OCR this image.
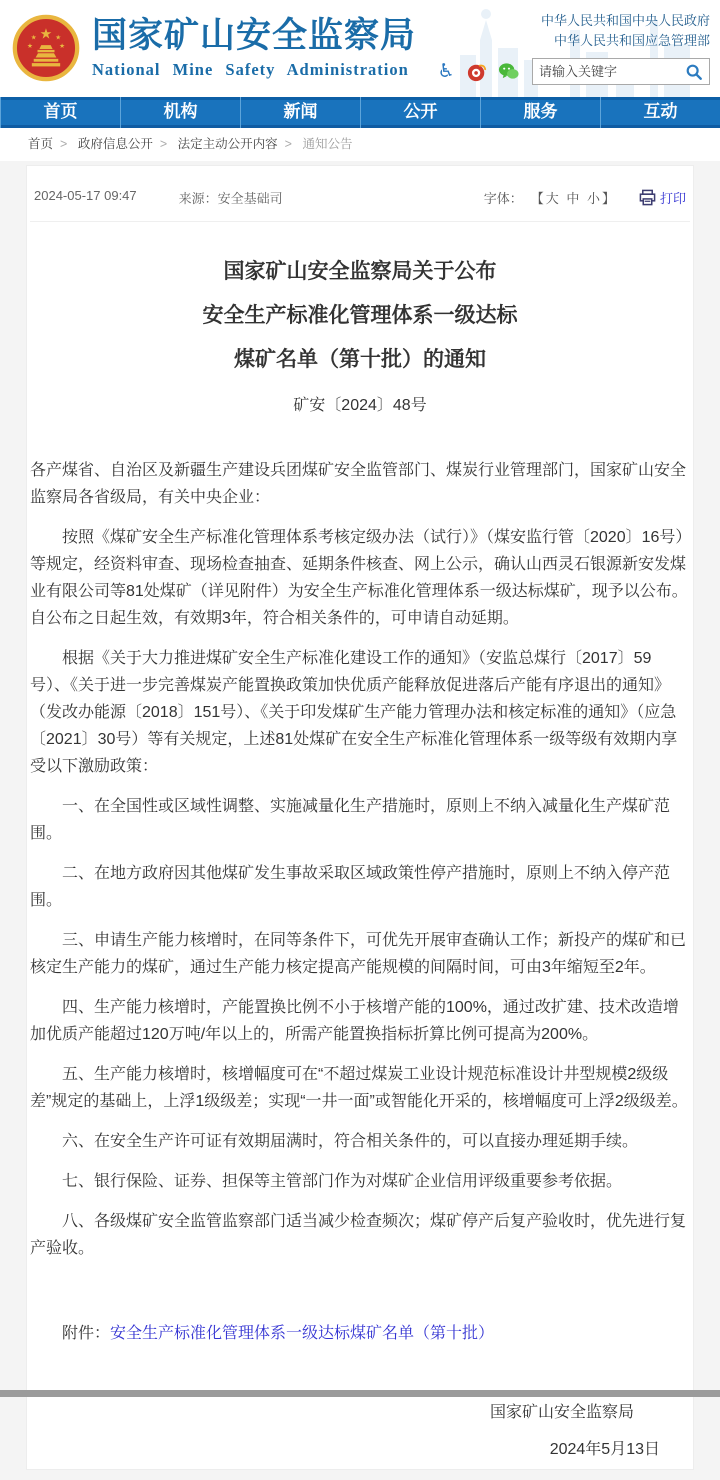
★
★	★
★	★ 国家矿山安全监察局
National Mine Safety Administration
中华人民共和国中央人民政府
中华人民共和国应急管理部
♿
请输入关键字
首页	机构	新闻	公开	服务	互动
首页 > 政府信息公开 > 法定主动公开内容 > 通知公告
2024-05-17 09:47	来源：安全基础司	字体： 【大 中 小】	打印
国家矿山安全监察局关于公布
安全生产标准化管理体系一级达标
煤矿名单（第十批）的通知
矿安〔2024〕48号

各产煤省、自治区及新疆生产建设兵团煤矿安全监管部门、煤炭行业管理部门，国家矿山安全监察局各省级局，有关中央企业：

按照《煤矿安全生产标准化管理体系考核定级办法（试行）》（煤安监行管〔2020〕16号）等规定，经资料审查、现场检查抽查、延期条件核查、网上公示，确认山西灵石银源新安发煤业有限公司等81处煤矿（详见附件）为安全生产标准化管理体系一级达标煤矿，现予以公布。自公布之日起生效，有效期3年，符合相关条件的，可申请自动延期。

根据《关于大力推进煤矿安全生产标准化建设工作的通知》（安监总煤行〔2017〕59号）、《关于进一步完善煤炭产能置换政策加快优质产能释放促进落后产能有序退出的通知》（发改办能源〔2018〕151号）、《关于印发煤矿生产能力管理办法和核定标准的通知》（应急〔2021〕30号）等有关规定，上述81处煤矿在安全生产标准化管理体系一级等级有效期内享受以下激励政策：

一、在全国性或区域性调整、实施减量化生产措施时，原则上不纳入减量化生产煤矿范围。

二、在地方政府因其他煤矿发生事故采取区域政策性停产措施时，原则上不纳入停产范围。

三、申请生产能力核增时，在同等条件下，可优先开展审查确认工作；新投产的煤矿和已核定生产能力的煤矿，通过生产能力核定提高产能规模的间隔时间，可由3年缩短至2年。

四、生产能力核增时，产能置换比例不小于核增产能的100%，通过改扩建、技术改造增加优质产能超过120万吨/年以上的，所需产能置换指标折算比例可提高为200%。

五、生产能力核增时，核增幅度可在“不超过煤炭工业设计规范标准设计井型规模2级级差”规定的基础上，上浮1级级差；实现“一井一面”或智能化开采的，核增幅度可上浮2级级差。

六、在安全生产许可证有效期届满时，符合相关条件的，可以直接办理延期手续。

七、银行保险、证券、担保等主管部门作为对煤矿企业信用评级重要参考依据。

八、各级煤矿安全监管监察部门适当减少检查频次；煤矿停产后复产验收时，优先进行复产验收。

附件：安全生产标准化管理体系一级达标煤矿名单（第十批）
国家矿山安全监察局
2024年5月13日
